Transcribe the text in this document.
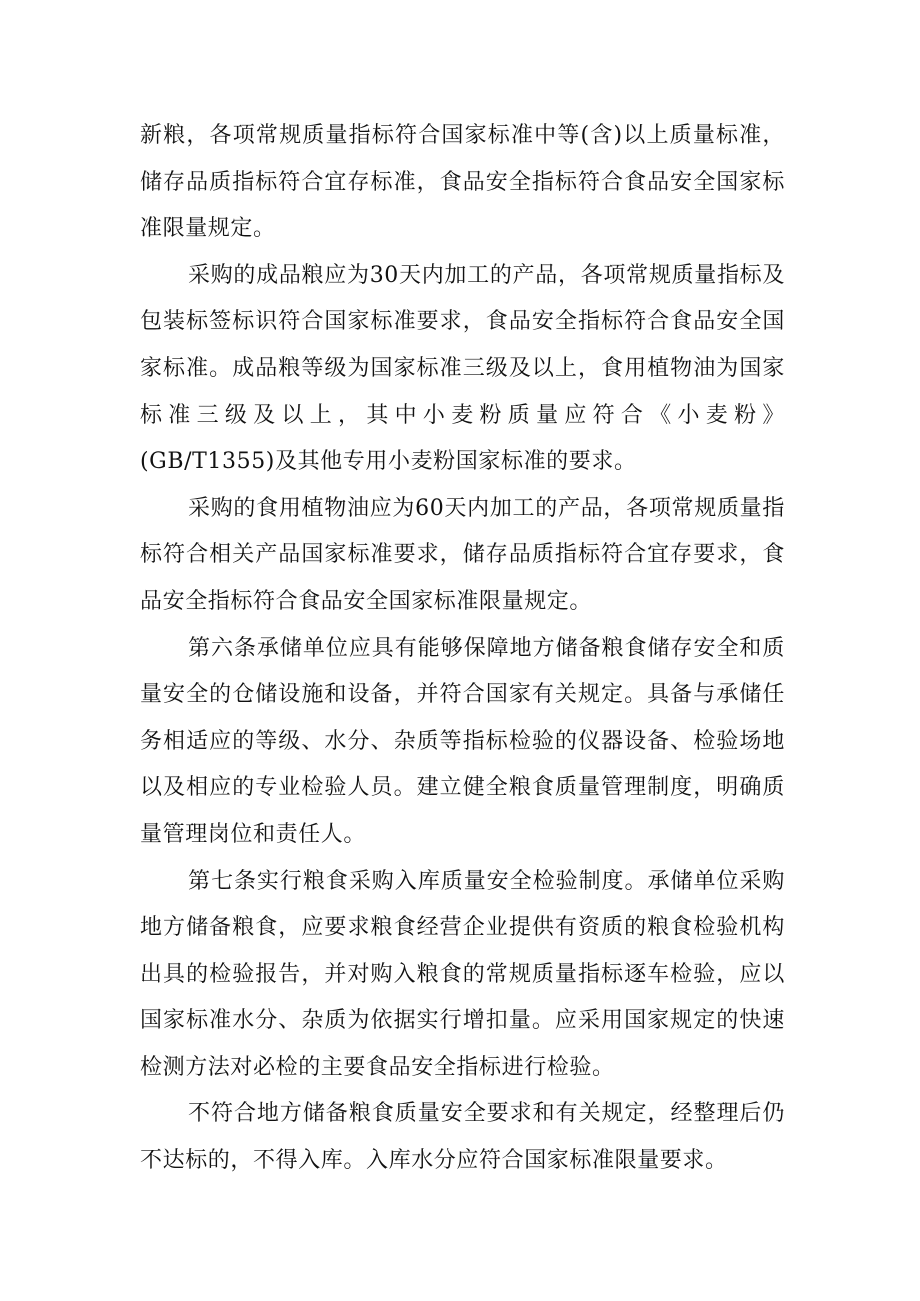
新粮，各项常规质量指标符合国家标准中等(含)以上质量标准，储存品质指标符合宜存标准，食品安全指标符合食品安全国家标准限量规定。

采购的成品粮应为30天内加工的产品，各项常规质量指标及包装标签标识符合国家标准要求，食品安全指标符合食品安全国家标准。成品粮等级为国家标准三级及以上，食用植物油为国家标准三级及以上，其中小麦粉质量应符合《小麦粉》(GB/T1355)及其他专用小麦粉国家标准的要求。

采购的食用植物油应为60天内加工的产品，各项常规质量指标符合相关产品国家标准要求，储存品质指标符合宜存要求，食品安全指标符合食品安全国家标准限量规定。

第六条承储单位应具有能够保障地方储备粮食储存安全和质量安全的仓储设施和设备，并符合国家有关规定。具备与承储任务相适应的等级、水分、杂质等指标检验的仪器设备、检验场地以及相应的专业检验人员。建立健全粮食质量管理制度，明确质量管理岗位和责任人。

第七条实行粮食采购入库质量安全检验制度。承储单位采购地方储备粮食，应要求粮食经营企业提供有资质的粮食检验机构出具的检验报告，并对购入粮食的常规质量指标逐车检验，应以国家标准水分、杂质为依据实行增扣量。应采用国家规定的快速检测方法对必检的主要食品安全指标进行检验。

不符合地方储备粮食质量安全要求和有关规定，经整理后仍不达标的，不得入库。入库水分应符合国家标准限量要求。
